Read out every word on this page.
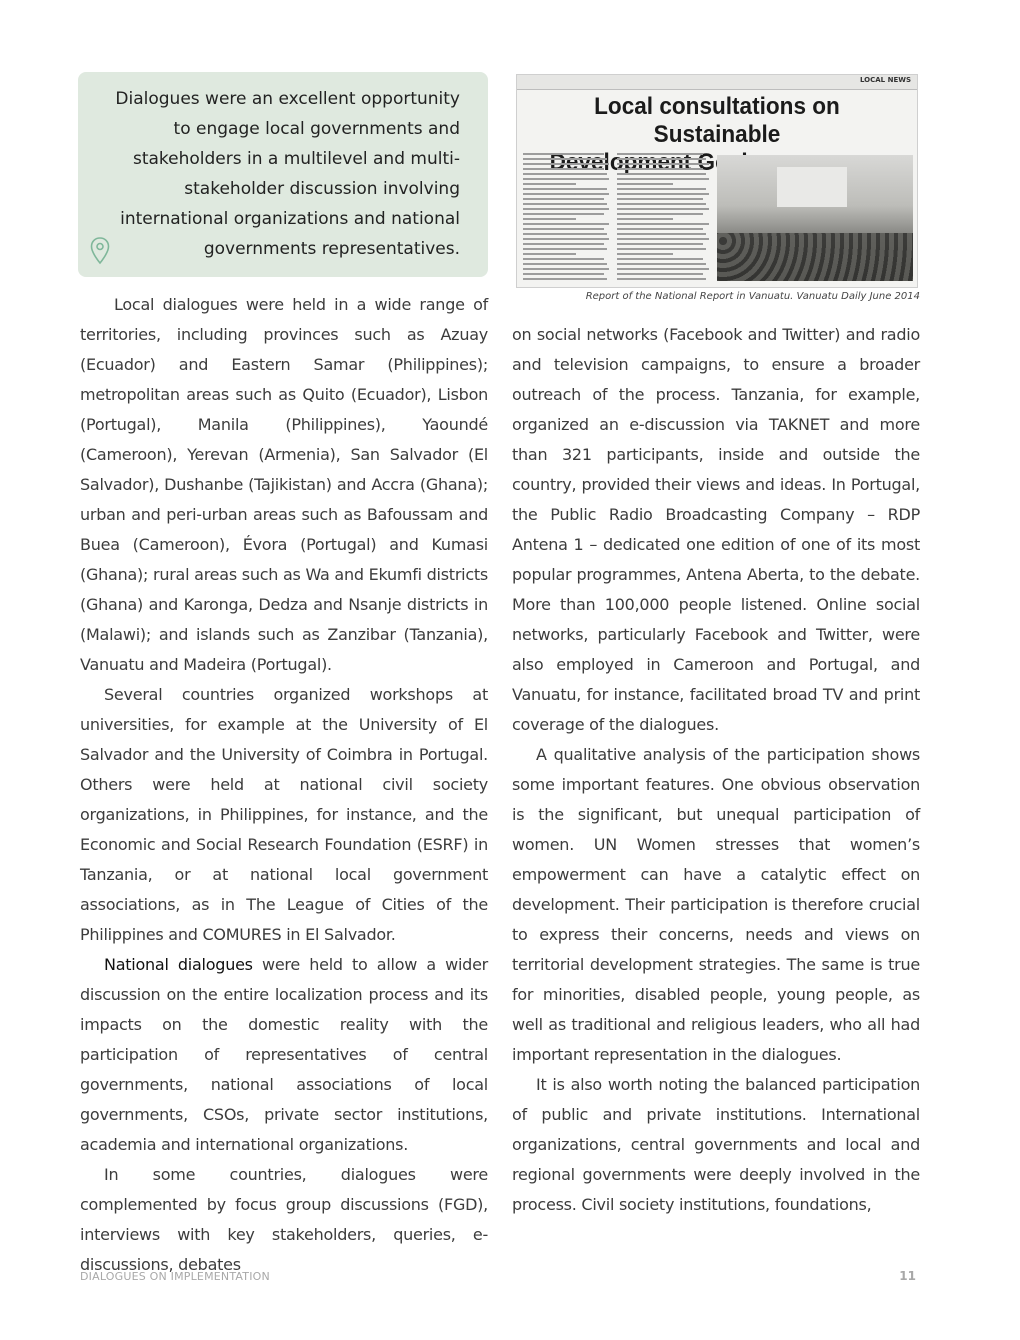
Dialogues were an excellent opportunity to engage local governments and stakeholders in a multilevel and multi-stakeholder discussion involving international organizations and national governments representatives.
LOCAL NEWS
Local consultations on Sustainable
Report of the National Report in Vanuatu. Vanuatu Daily June 2014

Local dialogues were held in a wide range of territories, including provinces such as Azuay (Ecuador) and Eastern Samar (Philippines); metropolitan areas such as Quito (Ecuador), Lisbon (Portugal), Manila (Philippines), Yaoundé (Cameroon), Yerevan (Armenia), San Salvador (El Salvador), Dushanbe (Tajikistan) and Accra (Ghana); urban and peri-urban areas such as Bafoussam and Buea (Cameroon), Évora (Portugal) and Kumasi (Ghana); rural areas such as Wa and Ekumfi districts (Ghana) and Karonga, Dedza and Nsanje districts in (Malawi); and islands such as Zanzibar (Tanzania), Vanuatu and Madeira (Portugal).

Several countries organized workshops at universities, for example at the University of El Salvador and the University of Coimbra in Portugal. Others were held at national civil society organizations, in Philippines, for instance, and the Economic and Social Research Foundation (ESRF) in Tanzania, or at national local government associations, as in The League of Cities of the Philippines and COMURES in El Salvador.

National dialogues were held to allow a wider discussion on the entire localization process and its impacts on the domestic reality with the participation of representatives of central governments, national associations of local governments, CSOs, private sector institutions, academia and international organizations.

In some countries, dialogues were complemented by focus group discussions (FGD), interviews with key stakeholders, queries, e-discussions, debates

on social networks (Facebook and Twitter) and radio and television campaigns, to ensure a broader outreach of the process. Tanzania, for example, organized an e-discussion via TAKNET and more than 321 participants, inside and outside the country, provided their views and ideas. In Portugal, the Public Radio Broadcasting Company – RDP Antena 1 – dedicated one edition of one of its most popular programmes, Antena Aberta, to the debate. More than 100,000 people listened. Online social networks, particularly Facebook and Twitter, were also employed in Cameroon and Portugal, and Vanuatu, for instance, facilitated broad TV and print coverage of the dialogues.

A qualitative analysis of the participation shows some important features. One obvious observation is the significant, but unequal participation of women. UN Women stresses that women’s empowerment can have a catalytic effect on development. Their participation is therefore crucial to express their concerns, needs and views on territorial development strategies. The same is true for minorities, disabled people, young people, as well as traditional and religious leaders, who all had important representation in the dialogues.

It is also worth noting the balanced participation of public and private institutions. International organizations, central governments and local and regional governments were deeply involved in the process. Civil society institutions, foundations,

DIALOGUES ON IMPLEMENTATION	11
